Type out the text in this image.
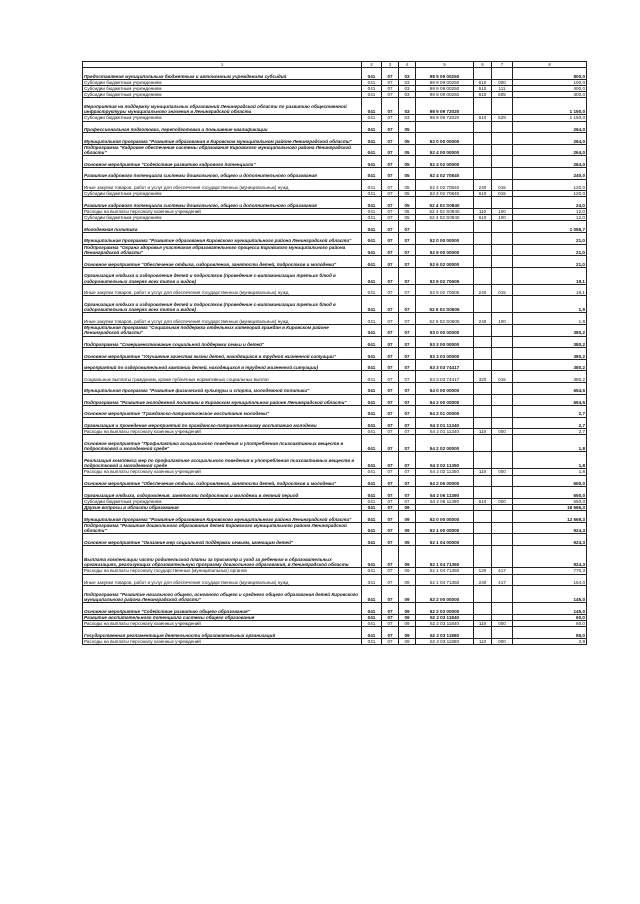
1	2	3	4	5	6	7	8
Предоставление муниципальным бюджетным и автономным учреждениям субсидий	041	07	03	98 9 09 00250			800,0
Субсидии бюджетным учреждениям	041	07	03	98 9 09 00250	610	000	100,0
Субсидии бюджетным учреждениям	041	07	03	98 9 09 00250	610	111	400,0
Субсидии бюджетным учреждениям	041	07	03	98 9 09 00250	610	505	300,0
Мероприятия на поддержку муниципальных образований Ленинградской области по развитию общественной инфраструктуры муниципального значения в Ленинградской области	041	07	03	98 9 09 72020			1 150,0
Субсидии бюджетным учреждениям	041	07	03	98 9 09 72020	610	529	1 150,0
Профессиональная подготовка, переподготовка и повышение квалификации	041	07	05				264,0
Муниципальная программа "Развитие образования в Кировском муниципальном районе Ленинградской области"	041	07	05	52 0 00 00000			264,0
Подпрограмма "Кадровое обеспечение системы образования Кировского муниципального района Ленинградской области"	041	07	05	52 4 00 00000			264,0
Основное мероприятие "Содействие развитию кадрового потенциала"	041	07	05	52 4 02 00000			264,0
Развитие кадрового потенциала системы дошкольного, общего и дополнительного образования	041	07	05	52 4 02 70840			240,0
Иные закупки товаров, работ и услуг для обеспечения государственных (муниципальных) нужд	041	07	05	52 4 02 70840	240	015	120,0
Субсидии бюджетным учреждениям	041	07	05	52 4 02 70840	610	015	120,0
Развитие кадрового потенциала системы дошкольного, общего и дополнительного образования	041	07	05	52 4 02 S0840			24,0
Расходы на выплаты персоналу казенных учреждений	041	07	05	52 4 02 S0840	110	100	12,0
Субсидии бюджетным учреждениям	041	07	05	52 4 02 S0840	610	100	12,0
Молодежная политика	041	07	07				1 056,7
Муниципальная программа "Развитие образования Кировского муниципального района Ленинградской области"	041	07	07	52 0 00 00000			21,0
Подпрограмма "Охрана здоровья участников образовательного процесса Кировского муниципального района Ленинградской области"	041	07	07	52 6 00 00000			21,0
Основное мероприятие "Обеспечение отдыха, оздоровления, занятости детей, подростков и молодежи"	041	07	07	52 6 02 00000			21,0
Организация отдыха и оздоровления детей и подростков (проведение с-витаминизации третьих блюд в оздоровительных лагерях всех типов и видов)	041	07	07	52 6 02 70605			19,1
Иные закупки товаров, работ и услуг для обеспечения государственных (муниципальных) нужд	041	07	07	52 6 02 70605	240	015	19,1
Организация отдыха и оздоровления детей и подростков (проведение с-витаминизации третьих блюд в оздоровительных лагерях всех типов и видов)	041	07	07	52 6 02 S0605			1,9
Иные закупки товаров, работ и услуг для обеспечения государственных (муниципальных) нужд	041	07	07	52 6 02 S0605	240	100	1,9
Муниципальная программа "Социальная поддержка отдельных категорий граждан в Кировском районе Ленинградской области"	041	07	07	53 0 00 00000			380,2
Подпрограмма "Совершенствование социальной поддержки семьи и детей"	041	07	07	53 3 00 00000			380,2
Основное мероприятие "Улучшение качества жизни детей, находящихся в трудной жизненной ситуации"	041	07	07	53 3 03 00000			380,2
мероприятий по оздоровительной кампании детей, находящихся в трудной жизненной ситуации)	041	07	07	53 3 03 74417			380,2
Социальные выплаты гражданам, кроме публичных нормативных социальных выплат	041	07	07	53 3 03 74417	320	015	380,2
Муниципальная программа "Развитие физической культуры и спорта, молодежной политики"	041	07	07	54 0 00 00000			654,5
Подпрограмма "Развитие молодежной политики в Кировском муниципальном районе Ленинградской области"	041	07	07	54 2 00 00000			654,5
Основное мероприятие "Гражданско-патриотическое воспитание молодежи"	041	07	07	54 2 01 00000			2,7
Организация и проведение мероприятий по гражданско-патриотическому воспитанию молодежи	041	07	07	54 2 01 11340			2,7
Расходы на выплаты персоналу казенных учреждений	041	07	07	54 2 01 11340	110	000	2,7
Основное мероприятие "Профилактика асоциального поведения и употребления психоактивных веществ в подростковой и молодежной среде"	041	07	07	54 2 02 00000			1,8
Реализация комплекса мер по профилактике асоциального поведения и употребления психоактивных веществ в подростковой и молодежной среде	041	07	07	54 2 02 11350			1,8
Расходы на выплаты персоналу казенных учреждений	041	07	07	54 2 02 11350	110	000	1,8
Основное мероприятие "Обеспечение отдыха, оздоровления, занятости детей, подростков и молодежи"	041	07	07	54 2 06 00000			650,0
Организация отдыха, оздоровления, занятости подростков и молодежи в летний период	041	07	07	54 2 06 11390			650,0
Субсидии бюджетным учреждениям	041	07	07	54 2 06 11390	610	000	650,0
Другие вопросы в области образования	041	07	09				18 566,3
Муниципальная программа "Развитие образования Кировского муниципального района Ленинградской области"	041	07	09	52 0 00 00000			12 669,3
Подпрограмма "Развитие дошкольного образования детей Кировского муниципального района Ленинградской области"	041	07	09	52 1 00 00000			924,3
Основное мероприятие "Оказание мер социальной поддержки семьям, имеющим детей"	041	07	09	52 1 04 00000			924,3
Выплата компенсации части родительской платы за присмотр и уход за ребенком в образовательных организациях, реализующих образовательную программу дошкольного образования, в Ленинградской области	041	07	09	52 1 04 71360			924,3
Расходы на выплаты персоналу государственных (муниципальных) органов	041	07	09	52 1 04 71360	120	417	770,3
Иные закупки товаров, работ и услуг для обеспечения государственных (муниципальных) нужд	041	07	09	52 1 04 71360	240	417	154,0
Подпрограмма "Развитие начального общего, основного общего и среднего общего образования детей Кировского муниципального района Ленинградской области"	041	07	09	52 2 00 00000			145,0
Основное мероприятие "Содействие развитию общего образования"	041	07	09	52 2 03 00000			145,0
Развитие воспитательного потенциала системы общего образования	041	07	09	52 2 03 11840			60,0
Расходы на выплаты персоналу казенных учреждений	041	07	09	52 2 03 11840	110	000	60,0
Государственная регламентация деятельности образовательных организаций	041	07	09	52 2 03 11880			85,0
Расходы на выплаты персоналу казенных учреждений	041	07	09	52 2 03 11880	110	000	2,9
